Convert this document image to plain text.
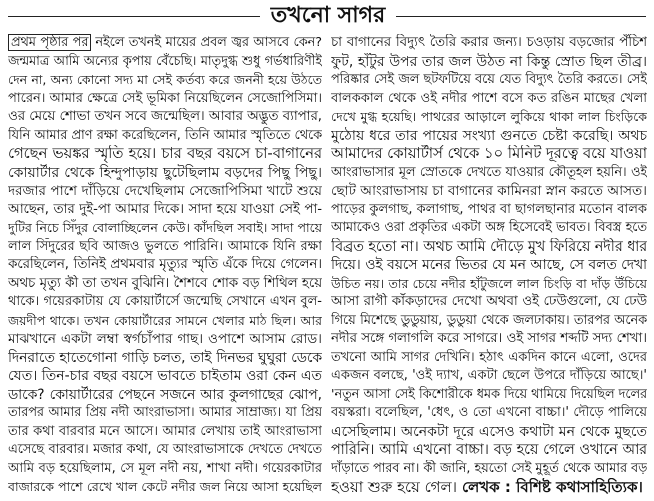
তখনো সাগর
প্রথম পৃষ্ঠার পর নইলে তখনই মায়ের প্রবল জ্বর আসবে কেন?
জন্মমাত্র আমি অন্যের কৃপায় বেঁচেছি। মাতৃদুগ্ধ শুধু গর্ভধারিণীই
দেন না, অন্য কোনো সদ্য মা সেই কর্তব্য করে জননী হয়ে উঠতে
পারেন। আমার ক্ষেত্রে সেই ভূমিকা নিয়েছিলেন সেজোপিসিমা।
ওর মেয়ে শোভা তখন সবে জন্মেছিল। আবার অদ্ভুত ব্যাপার,
যিনি আমার প্রাণ রক্ষা করেছিলেন, তিনি আমার স্মৃতিতে থেকে
গেছেন ভয়ঙ্কর স্মৃতি হয়ে। চার বছর বয়সে চা-বাগানের
কোয়ার্টার থেকে হিন্দুপাড়ায় ছুটেছিলাম বড়দের পিছু পিছু।
দরজার পাশে দাঁড়িয়ে দেখেছিলাম সেজোপিসিমা খাটে শুয়ে
আছেন, তার দুই-পা আমার দিকে। সাদা হয়ে যাওয়া সেই পা-
দুটির নিচে সিঁদুর বোলাচ্ছিলেন কেউ। কাঁদছিল সবাই। সাদা পায়ে
লাল সিঁদুরের ছবি আজও ভুলতে পারিনি। আমাকে যিনি রক্ষা
করেছিলেন, তিনিই প্রথমবার মৃত্যুর স্মৃতি এঁকে দিয়ে গেলেন।
অথচ মৃত্যু কী তা তখন বুঝিনি। শৈশবে শোক বড় শিথিল হয়ে
থাকে। গয়েরকাটায় যে কোয়ার্টার্সে জন্মেছি সেখানে এখন বুল-
জয়দীপ থাকে। তখন কোয়ার্টারের সামনে খেলার মাঠ ছিল। আর
মাঝখানে একটা লম্বা স্বর্গচাঁপার গাছ। ওপাশে আসাম রোড।
দিনরাতে হাতেগোনা গাড়ি চলত, তাই দিনভর ঘুঘুরা ডেকে
যেত। তিন-চার বছর বয়সে ভাবতে চাইতাম ওরা কেন এত
ডাকে? কোয়ার্টারের পেছনে সজনে আর কুলগাছের ঝোপ,
তারপর আমার প্রিয় নদী আংরাভাসা। আমার সাম্রাজ্য। যা প্রিয়
তার কথা বারবার মনে আসে। আমার লেখায় তাই আংরাভাসা
এসেছে বারবার। মজার কথা, যে আংরাভাসাকে দেখতে দেখতে
আমি বড় হয়েছিলাম, সে মূল নদী নয়, শাখা নদী। গয়েরকাটার
বাজারকে পাশে রেখে খাল কেটে নদীর জল নিয়ে আসা হয়েছিল
চা বাগানের বিদ্যুৎ তৈরি করার জন্য। চওড়ায় বড়জোর পঁচিশ
ফুট, হাঁটুর উপর তার জল উঠত না কিন্তু স্রোত ছিল তীব্র।
পরিষ্কার সেই জল ছটফটিয়ে বয়ে যেত বিদ্যুৎ তৈরি করতে। সেই
বালককাল থেকে ওই নদীর পাশে বসে কত রঙিন মাছের খেলা
দেখে মুগ্ধ হয়েছি। পাথরের আড়ালে লুকিয়ে থাকা লাল চিংড়িকে
মুঠোয় ধরে তার পায়ের সংখ্যা গুনতে চেষ্টা করেছি। অথচ
আমাদের কোয়ার্টার্স থেকে ১০ মিনিট দূরত্বে বয়ে যাওয়া
আংরাভাসার মূল স্রোতকে দেখতে যাওয়ার কৌতূহল হয়নি। ওই
ছোট আংরাভাসায় চা বাগানের কামিনরা স্নান করতে আসত।
পাড়ের কুলগাছ, কলাগাছ, পাথর বা ছাগলছানার মতোন বালক
আমাকেও ওরা প্রকৃতির একটা অঙ্গ হিসেবেই ভাবত। বিবস্ত্র হতে
বিব্রত হতো না। অথচ আমি দৌড়ে মুখ ফিরিয়ে নদীর ধার
দিয়ে। ওই বয়সে মনের ভিতর যে মন আছে, সে বলত দেখা
উচিত নয়। তার চেয়ে নদীর হাঁটুজলে লাল চিংড়ি বা দাঁড় উঁচিয়ে
আসা রাগী কাঁকড়াদের দেখো অথবা ওই ঢেউগুলো, যে ঢেউ
গিয়ে মিশেছে ডুডুয়ায়, ডুডুয়া থেকে জলঢাকায়। তারপর অনেক
নদীর সঙ্গে গলাগলি করে সাগরে। ওই সাগর শব্দটি সদ্য শেখা।
তখনো আমি সাগর দেখিনি। হঠাৎ একদিন কানে এলো, ওদের
একজন বলছে, 'ওই দ্যাখ, একটা ছেলে উপরে দাঁড়িয়ে আছে।'
'নতুন আসা সেই কিশোরীকে ধমক দিয়ে থামিয়ে দিয়েছিল দলের
বয়স্করা। বলেছিল, 'ধেৎ, ও তো এখনো বাচ্চা।' দৌড়ে পালিয়ে
এসেছিলাম। অনেকটা দূরে এসেও কথাটা মন থেকে মুছতে
পারিনি। আমি এখনো বাচ্চা। বড় হয়ে গেলে ওখানে আর
দাঁড়াতে পারব না। কী জানি, হয়তো সেই মুহূর্ত থেকে আমার বড়
হওয়া শুরু হয়ে গেল। লেখক : বিশিষ্ট কথাসাহিত্যিক।
